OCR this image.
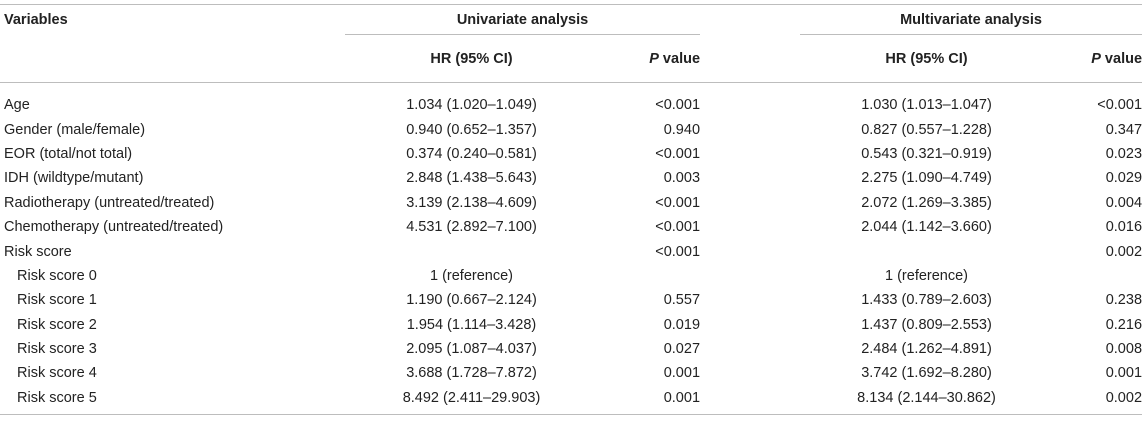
Variables	Univariate analysis			Multivariate analysis	
	HR (95% CI)	P value		HR (95% CI)	P value
Age	1.034 (1.020–1.049)	<0.001		1.030 (1.013–1.047)	<0.001
Gender (male/female)	0.940 (0.652–1.357)	0.940		0.827 (0.557–1.228)	0.347
EOR (total/not total)	0.374 (0.240–0.581)	<0.001		0.543 (0.321–0.919)	0.023
IDH (wildtype/mutant)	2.848 (1.438–5.643)	0.003		2.275 (1.090–4.749)	0.029
Radiotherapy (untreated/treated)	3.139 (2.138–4.609)	<0.001		2.072 (1.269–3.385)	0.004
Chemotherapy (untreated/treated)	4.531 (2.892–7.100)	<0.001		2.044 (1.142–3.660)	0.016
Risk score		<0.001			0.002
Risk score 0	1 (reference)			1 (reference)	
Risk score 1	1.190 (0.667–2.124)	0.557		1.433 (0.789–2.603)	0.238
Risk score 2	1.954 (1.114–3.428)	0.019		1.437 (0.809–2.553)	0.216
Risk score 3	2.095 (1.087–4.037)	0.027		2.484 (1.262–4.891)	0.008
Risk score 4	3.688 (1.728–7.872)	0.001		3.742 (1.692–8.280)	0.001
Risk score 5	8.492 (2.411–29.903)	0.001		8.134 (2.144–30.862)	0.002
